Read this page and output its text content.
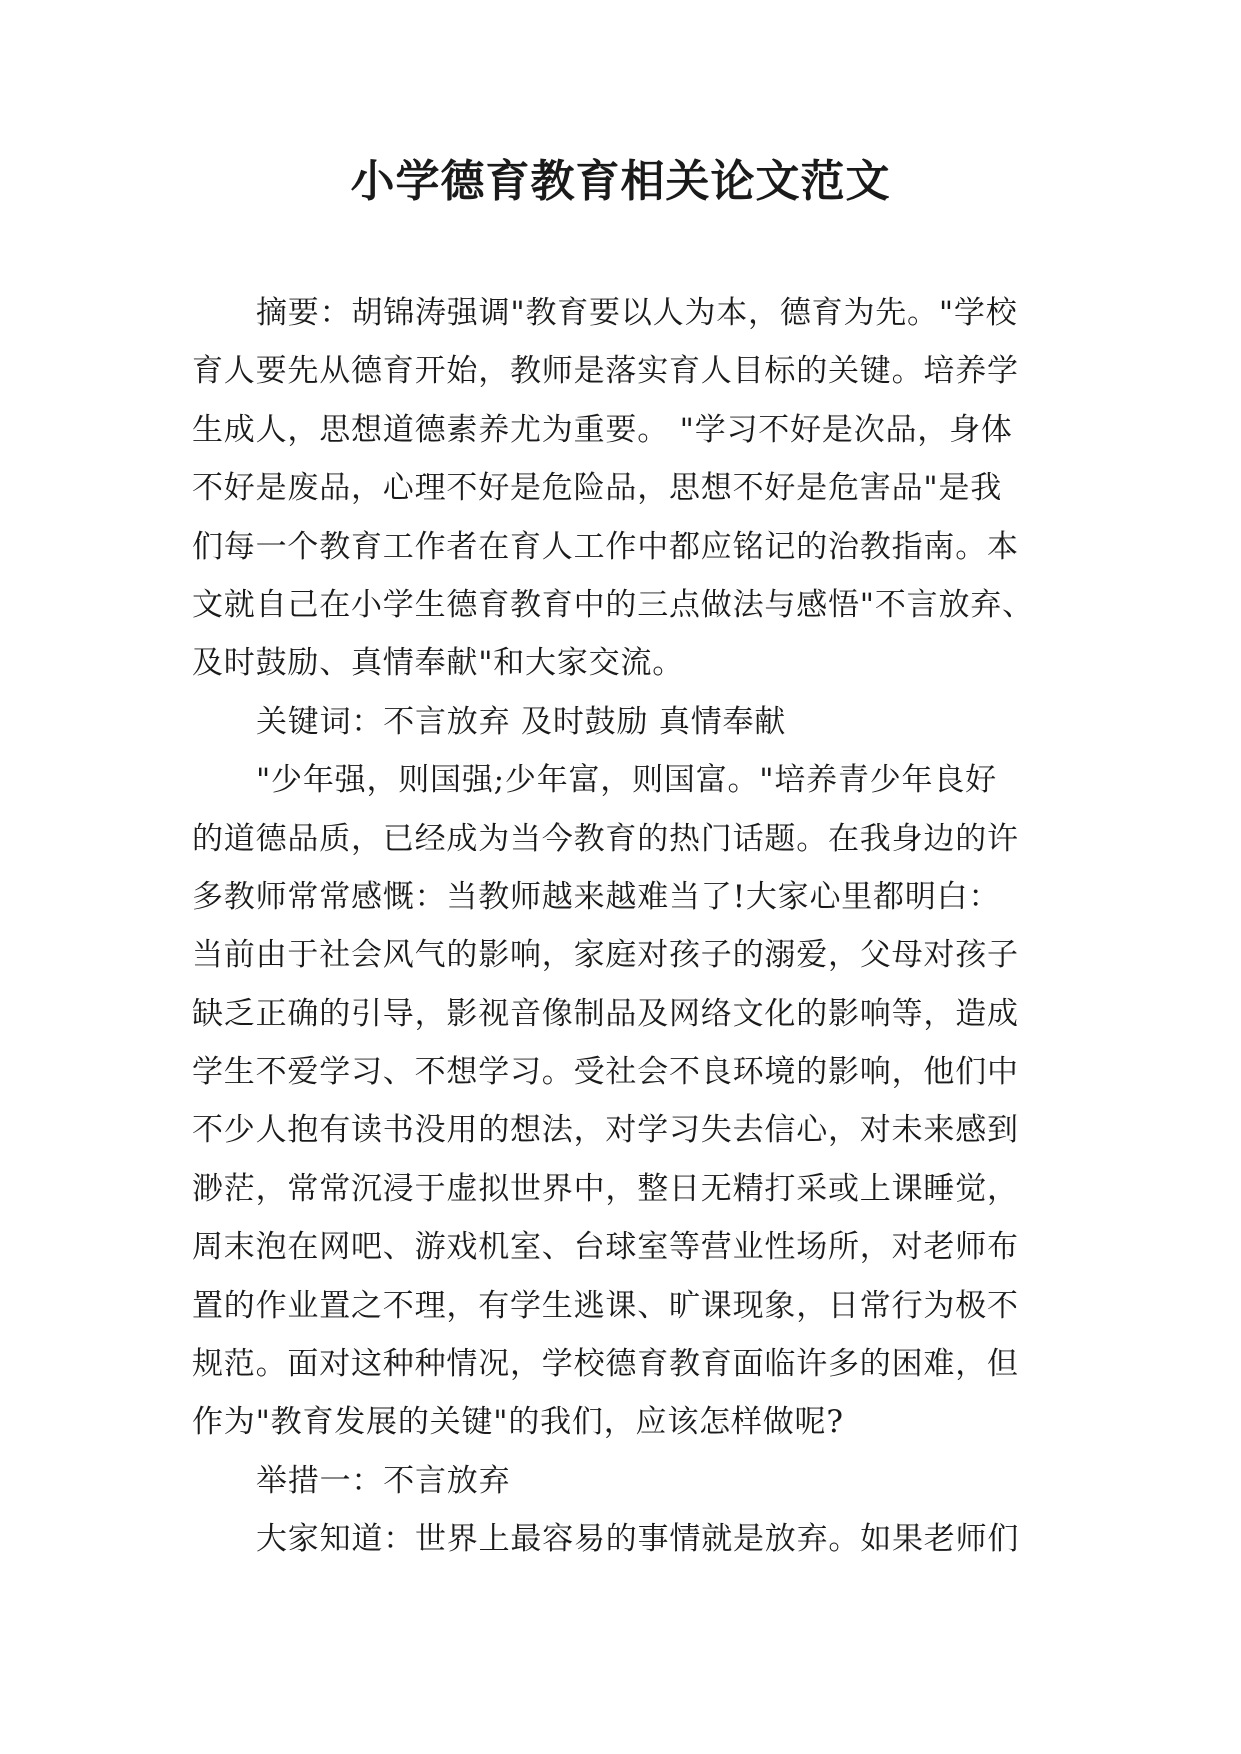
小学德育教育相关论文范文
摘要：胡锦涛强调"教育要以人为本，德育为先。"学校
育人要先从德育开始，教师是落实育人目标的关键。培养学
生成人，思想道德素养尤为重要。 "学习不好是次品，身体
不好是废品，心理不好是危险品，思想不好是危害品"是我
们每一个教育工作者在育人工作中都应铭记的治教指南。本
文就自己在小学生德育教育中的三点做法与感悟"不言放弃、
及时鼓励、真情奉献"和大家交流。
关键词：不言放弃 及时鼓励 真情奉献
"少年强，则国强;少年富，则国富。"培养青少年良好
的道德品质，已经成为当今教育的热门话题。在我身边的许
多教师常常感慨：当教师越来越难当了!大家心里都明白：
当前由于社会风气的影响，家庭对孩子的溺爱，父母对孩子
缺乏正确的引导，影视音像制品及网络文化的影响等，造成
学生不爱学习、不想学习。受社会不良环境的影响，他们中
不少人抱有读书没用的想法，对学习失去信心，对未来感到
渺茫，常常沉浸于虚拟世界中，整日无精打采或上课睡觉，
周末泡在网吧、游戏机室、台球室等营业性场所，对老师布
置的作业置之不理，有学生逃课、旷课现象，日常行为极不
规范。面对这种种情况，学校德育教育面临许多的困难，但
作为"教育发展的关键"的我们，应该怎样做呢?
举措一：不言放弃
大家知道：世界上最容易的事情就是放弃。如果老师们
